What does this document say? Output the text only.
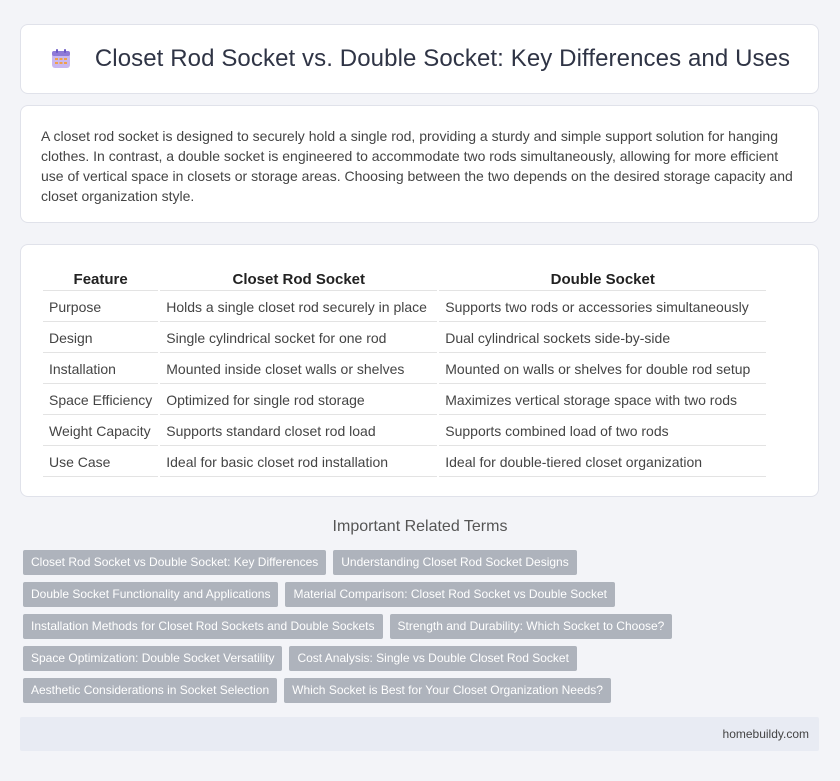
Closet Rod Socket vs. Double Socket: Key Differences and Uses

A closet rod socket is designed to securely hold a single rod, providing a sturdy and simple support solution for hanging clothes. In contrast, a double socket is engineered to accommodate two rods simultaneously, allowing for more efficient use of vertical space in closets or storage areas. Choosing between the two depends on the desired storage capacity and closet organization style.

Feature	Closet Rod Socket	Double Socket
Purpose	Holds a single closet rod securely in place	Supports two rods or accessories simultaneously
Design	Single cylindrical socket for one rod	Dual cylindrical sockets side-by-side
Installation	Mounted inside closet walls or shelves	Mounted on walls or shelves for double rod setup
Space Efficiency	Optimized for single rod storage	Maximizes vertical storage space with two rods
Weight Capacity	Supports standard closet rod load	Supports combined load of two rods
Use Case	Ideal for basic closet rod installation	Ideal for double-tiered closet organization
Important Related Terms
Closet Rod Socket vs Double Socket: Key Differences	Understanding Closet Rod Socket Designs
Double Socket Functionality and Applications	Material Comparison: Closet Rod Socket vs Double Socket
Installation Methods for Closet Rod Sockets and Double Sockets	Strength and Durability: Which Socket to Choose?
Space Optimization: Double Socket Versatility	Cost Analysis: Single vs Double Closet Rod Socket
Aesthetic Considerations in Socket Selection	Which Socket is Best for Your Closet Organization Needs?
homebuildy.com
